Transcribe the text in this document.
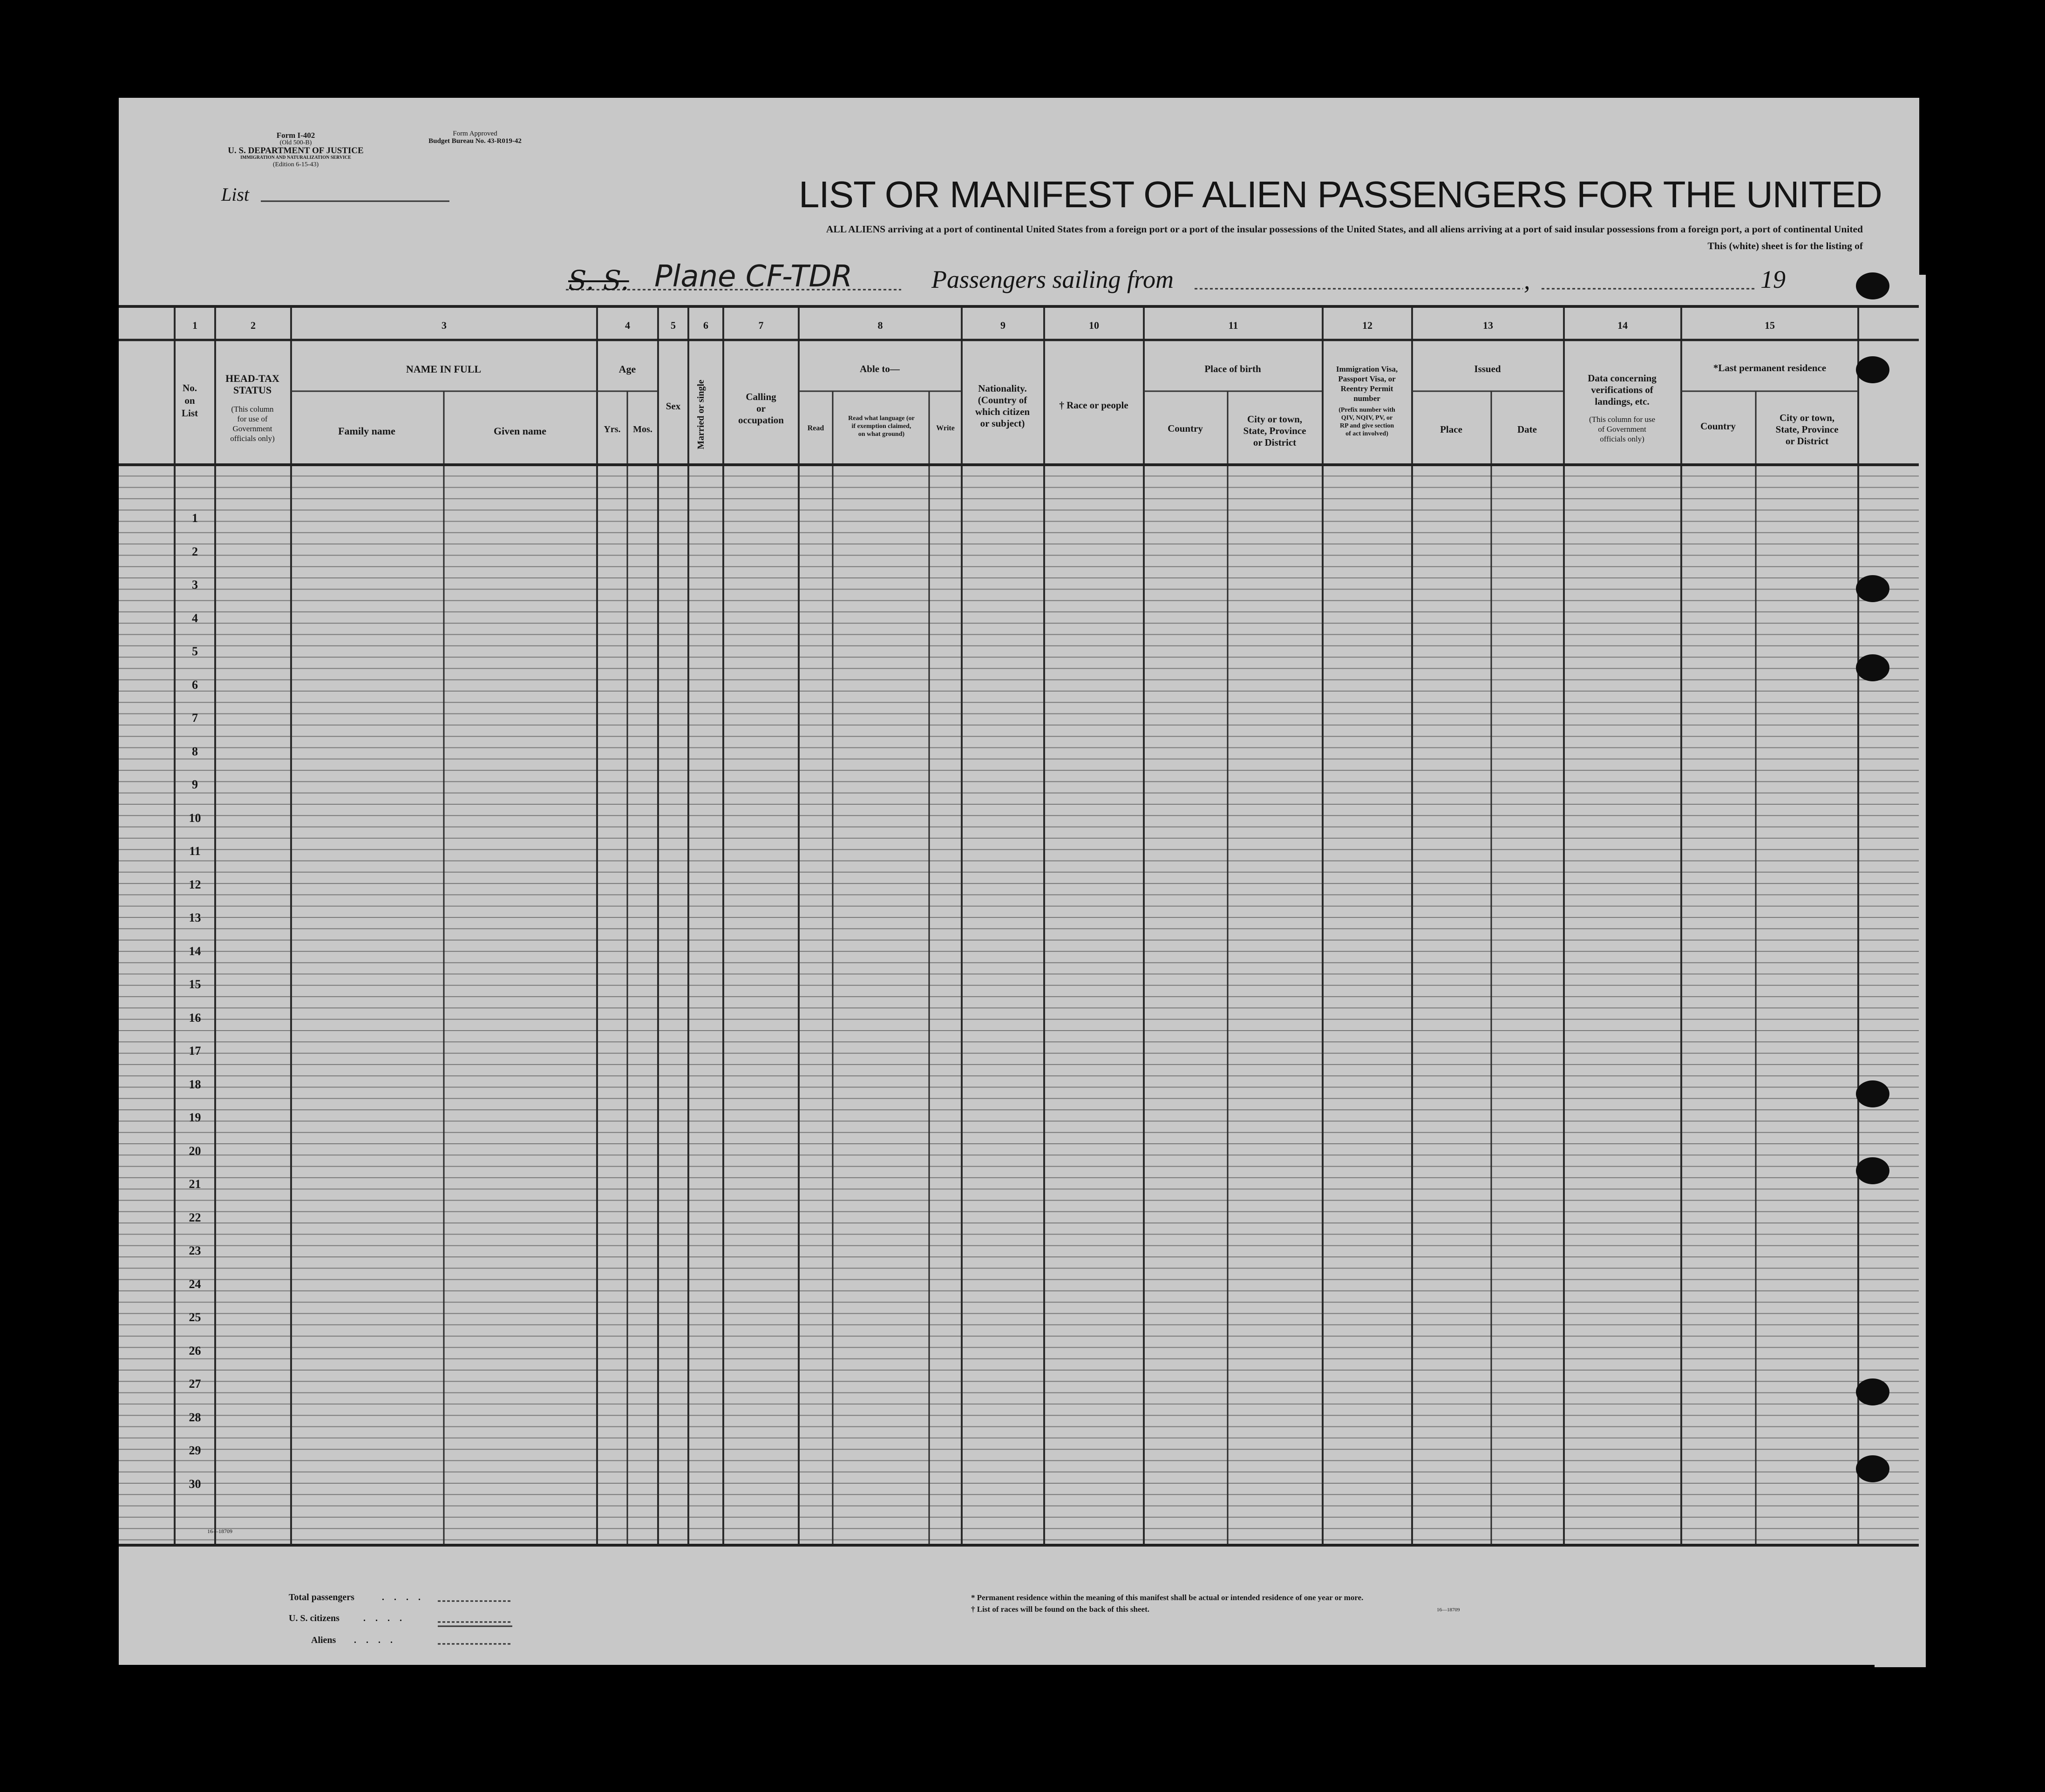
Form I-402
(Old 500-B)
U. S. DEPARTMENT OF JUSTICE
IMMIGRATION AND NATURALIZATION SERVICE
(Edition 6-15-43)
Form Approved
Budget Bureau No. 43-R019-42
List	LIST OR MANIFEST OF ALIEN PASSENGERS FOR THE UNITED
ALL ALIENS arriving at a port of continental United States from a foreign port or a port of the insular possessions of the United States, and all aliens arriving at a port of said insular possessions from a foreign port, a port of continental United
This (white) sheet is for the listing of
S. S. Plane CF-TDR	Passengers sailing from	,	19
1	2	3	4	5	6	7	8	9	10	11	12	13	14	15
No.
on
List
HEAD-TAX
STATUS
(This column
for use of
Government
officials only)
NAME IN FULL
Family name	Given name
Age
Yrs.	Mos.
Sex	Married or single	Calling
or
occupation
Able to—
Read
Read what language (or
if exemption claimed,
on what ground)
Write
Nationality.
(Country of
which citizen
or subject)
† Race or people
Place of birth
Country
City or town,
State, Province
or District
Immigration Visa,
Passport Visa, or
Reentry Permit
number
(Prefix number with
QIV, NQIV, PV, or
RP and give section
of act involved)
Issued
Place	Date
Data concerning
verifications of
landings, etc.
(This column for use
of Government
officials only)
*Last permanent residence
Country
City or town,
State, Province
or District
1
2
3
4
5
6
7
8
9
10
11
12
13
14
15
16
17
18
19
20
21
22
23
24
25
26
27
28
29
30
16—18709
Total passengers	. . . .
U. S. citizens	. . . .
Aliens . . . .
* Permanent residence within the meaning of this manifest shall be actual or intended residence of one year or more.
† List of races will be found on the back of this sheet.	16—18709
